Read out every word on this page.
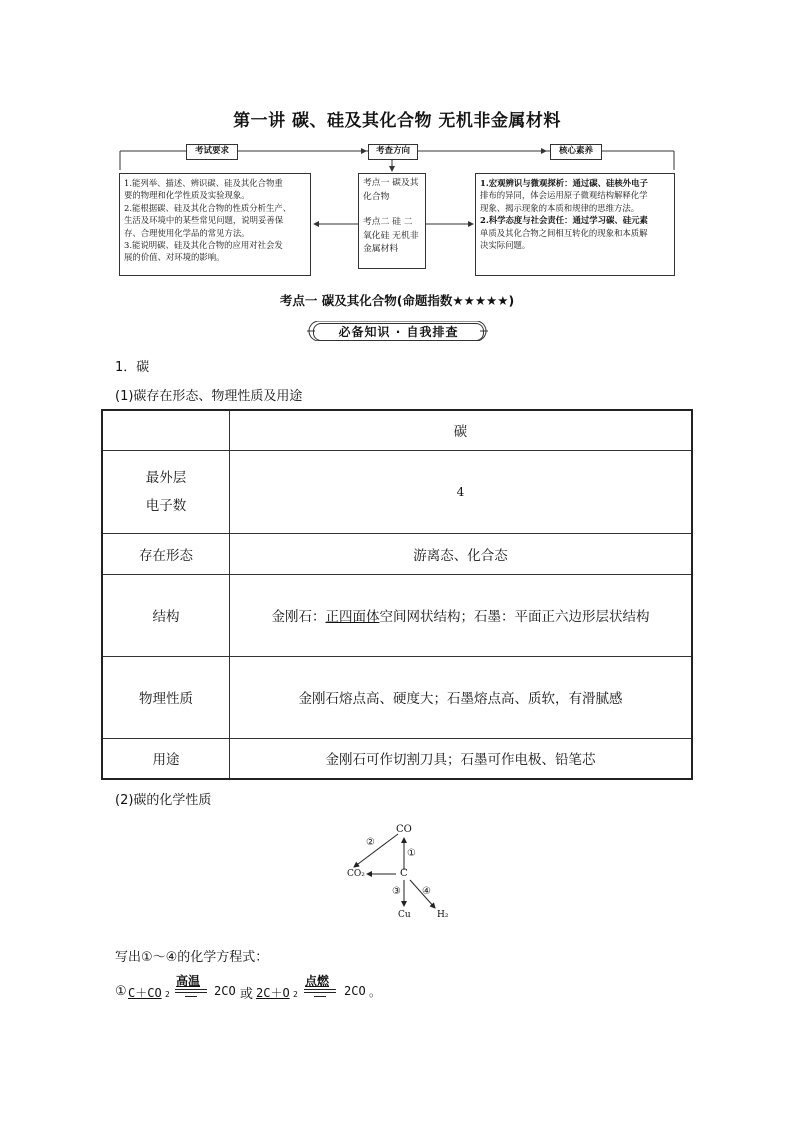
第一讲 碳、硅及其化合物 无机非金属材料
考试要求	考查方向	核心素养
1.能列举、描述、辨识碳、硅及其化合物重
要的物理和化学性质及实验现象。
2.能根据碳、硅及其化合物的性质分析生产、
生活及环境中的某些常见问题，说明妥善保
存、合理使用化学品的常见方法。
3.能说明碳、硅及其化合物的应用对社会发
展的价值、对环境的影响。
考点一 碳及其
化合物
考点二 硅 二
氧化硅 无机非
金属材料
1.宏观辨识与微观探析：通过碳、硅核外电子
排布的异同，体会运用原子微观结构解释化学
现象、揭示现象的本质和规律的思维方法。
2.科学态度与社会责任：通过学习碳、硅元素
单质及其化合物之间相互转化的现象和本质解
决实际问题。
考点一 碳及其化合物(命题指数★★★★★)
必备知识 · 自我排查
1．碳
(1)碳存在形态、物理性质及用途
	碳

最外层
电子数	4
存在形态	游离态、化合态
结构	金刚石：正四面体空间网状结构；石墨：平面正六边形层状结构
物理性质	金刚石熔点高、硬度大；石墨熔点高、质软，有滑腻感
用途	金刚石可作切割刀具；石墨可作电极、铅笔芯
(2)碳的化学性质
CO
CO₂	C
Cu	H₂
①
②
③ ④
写出①～④的化学方程式：
① C＋CO 2
高温
2CO 或 2C＋O 2
点燃
2CO 。
